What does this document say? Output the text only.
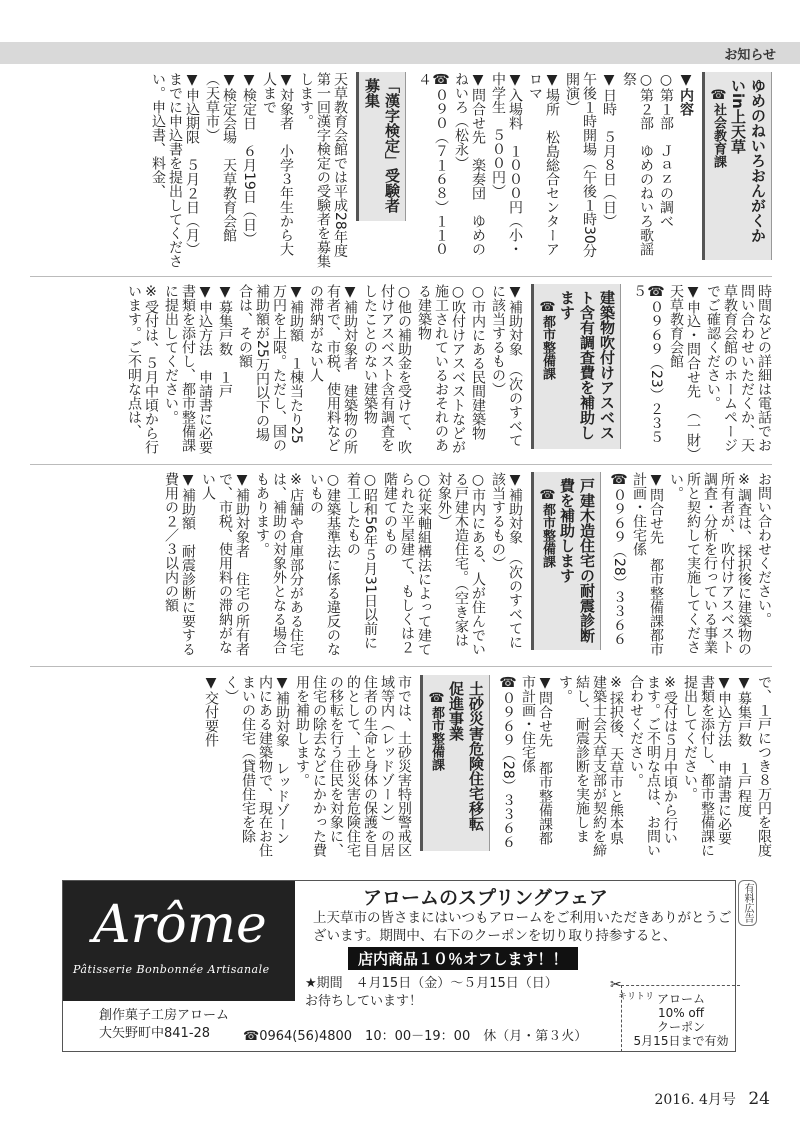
お知らせ
ゆめのねいろおんがくかいin上天草
☎社会教育課

▼内容

○第１部　Ｊａｚの調べ

○第２部　ゆめのねいろ歌謡祭

▼日時　５月８日（日）

午後１時開場（午後１時30分開演）

▼場所　松島総合センターアロマ

▼入場料　１０００円（小・中学生　５００円）

▼問合せ先　楽奏団　ゆめのねいろ（松永）

☎０９０（７１６８）１１０４

「漢字検定」受験者募集

天草教育会館では平成28年度第一回漢字検定の受験者を募集します。

▼対象者　小学３年生から大人まで

▼検定日　６月19日（日）

▼検定会場　天草教育会館（天草市）

▼申込期限　５月２日（月）までに申込書を提出してください。申込書、料金、

時間などの詳細は電話でお問い合わせいただくか、天草教育会館のホームページでご確認ください。

▼申込・問合せ先　（一財）天草教育会館

☎０９６９（23）２３５５

建築物吹付けアスベスト含有調査費を補助します
☎都市整備課

▼補助対象　（次のすべてに該当するもの）

○市内にある民間建築物

○吹付けアスベストなどが施工されているおそれのある建築物

○他の補助金を受けて、吹付けアスベスト含有調査をしたことのない建築物

▼補助対象者　建築物の所有者で、市税、使用料などの滞納がない人

▼補助額　１棟当たり25万円を上限。ただし、国の補助額が25万円以下の場合は、その額

▼募集戸数　１戸

▼申込方法　申請書に必要書類を添付し、都市整備課に提出してください。

※受付は、５月中頃から行います。ご不明な点は、

お問い合わせください。

※調査は、採択後に建築物の所有者が、吹付けアスベスト調査・分析を行っている事業所と契約して実施してください。

▼問合せ先　都市整備課都市計画・住宅係

☎０９６９（28）３３６６

戸建木造住宅の耐震診断費を補助します
☎都市整備課

▼補助対象　（次のすべてに該当するもの）

○市内にある、人が住んでいる戸建木造住宅。（空き家は対象外）

○従来軸組構法によって建てられた平屋建て、もしくは２階建てのもの

○昭和56年５月31日以前に着工したもの

○建築基準法に係る違反のないもの

※店舗や倉庫部分がある住宅は、補助の対象外となる場合もあります。

▼補助対象者　住宅の所有者で、市税、使用料の滞納がない人

▼補助額　耐震診断に要する費用の２／３以内の額

で、１戸につき８万円を限度

▼募集戸数　１戸程度

▼申込方法　申請書に必要書類を添付し、都市整備課に提出してください。

※受付は５月中頃から行います。ご不明な点は、お問い合わせください。

※採択後、天草市と熊本県建築士会天草支部が契約を締結し、耐震診断を実施します。

▼問合せ先　都市整備課都市計画・住宅係

☎０９６９（28）３３６６

土砂災害危険住宅移転促進事業
☎都市整備課

市では、土砂災害特別警戒区域等内（レッドゾーン）の居住者の生命と身体の保護を目的として、土砂災害危険住宅の移転を行う住民を対象に、住宅の除去などにかかった費用を補助します。

▼補助対象　レッドゾーン内にある建築物で、現在お住まいの住宅（貸借住宅を除く）

▼交付要件

Arôme
Pâtisserie Bonbonnée Artisanale
アロームのスプリングフェア
上天草市の皆さまにはいつもアロームをご利用いただきありがとうございます。期間中、右下のクーポンを切り取り持参すると、
店内商品１０％オフします！！
★期間　４月15日（金）～５月15日（日）
お待ちしています！
創作菓子工房アローム
大矢野町中841-28	☎0964(56)4800　10：00－19：00　休（月・第３火）
✂
キリトリ アローム
10% off
クーポン
5月15日まで有効
有料広告
2016. 4月号 24
